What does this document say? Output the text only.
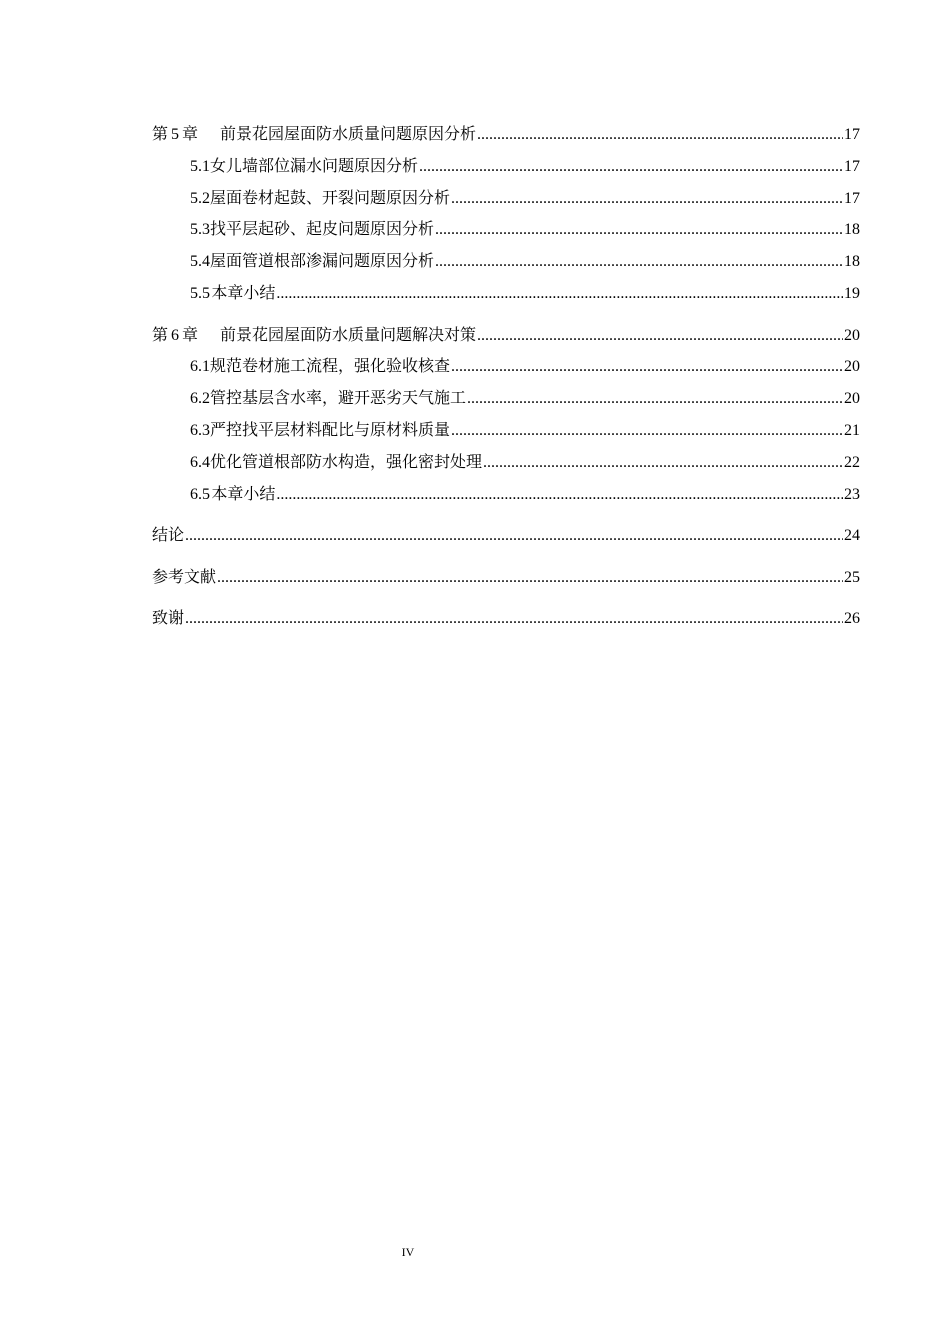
第 5 章 前景花园屋面防水质量问题原因分析 .....	17
5.1 女儿墙部位漏水问题原因分析 .....	17
5.2 屋面卷材起鼓、开裂问题原因分析 .....	17
5.3 找平层起砂、起皮问题原因分析 .....	18
5.4 屋面管道根部渗漏问题原因分析 .....	18
5.5 本章小结 .....	19
第 6 章 前景花园屋面防水质量问题解决对策 .....	20
6.1 规范卷材施工流程，强化验收核查 .....	20
6.2 管控基层含水率，避开恶劣天气施工 .....	20
6.3 严控找平层材料配比与原材料质量 .....	21
6.4 优化管道根部防水构造，强化密封处理 .....	22
6.5 本章小结 .....	23
结论 .....	24
参考文献 .....	25
致谢 .....	26
IV
